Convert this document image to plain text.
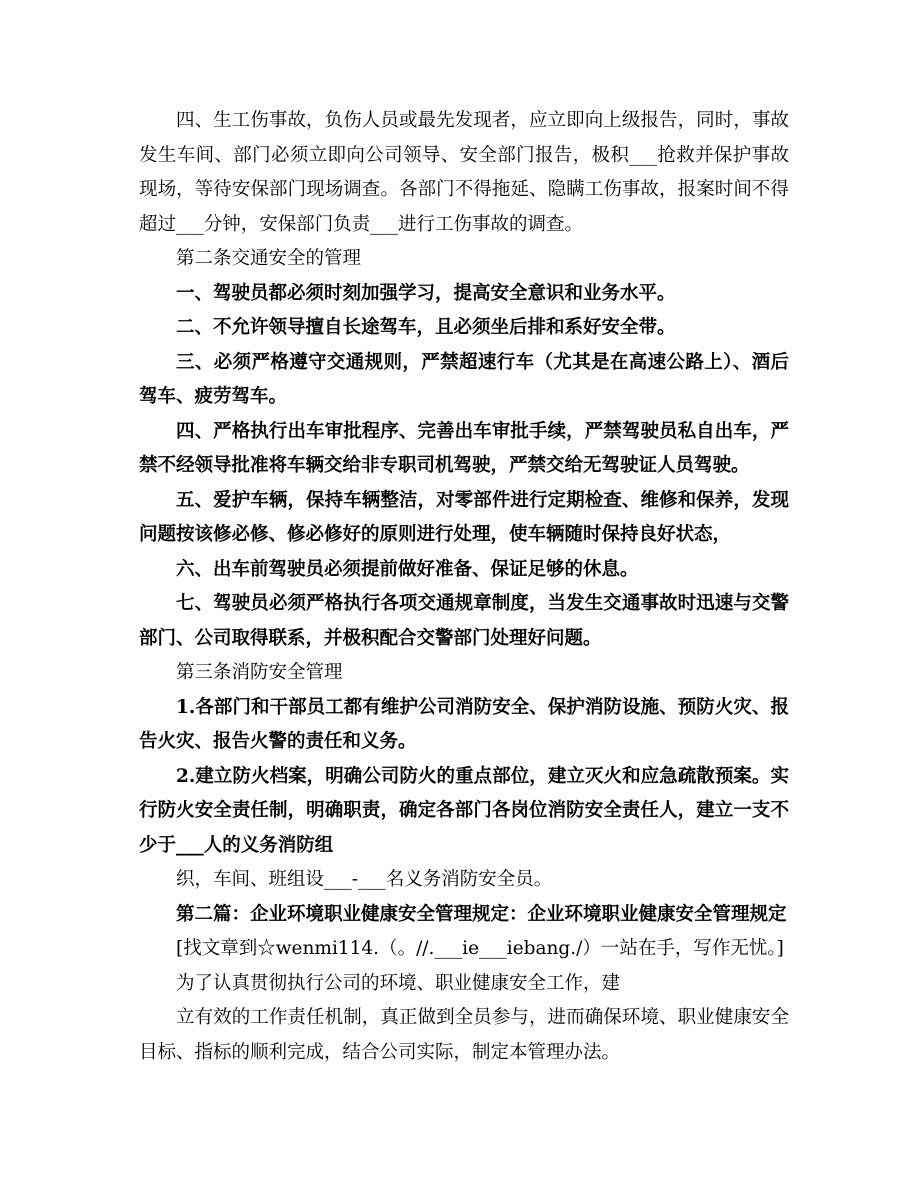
四、生工伤事故，负伤人员或最先发现者，应立即向上级报告，同时，事故发生车间、部门必须立即向公司领导、安全部门报告，极积___抢救并保护事故现场，等待安保部门现场调查。各部门不得拖延、隐瞒工伤事故，报案时间不得超过___分钟，安保部门负责___进行工伤事故的调查。

第二条交通安全的管理

一、驾驶员都必须时刻加强学习，提高安全意识和业务水平。

二、不允许领导擅自长途驾车，且必须坐后排和系好安全带。

三、必须严格遵守交通规则，严禁超速行车（尤其是在高速公路上）、酒后驾车、疲劳驾车。

四、严格执行出车审批程序、完善出车审批手续，严禁驾驶员私自出车，严禁不经领导批准将车辆交给非专职司机驾驶，严禁交给无驾驶证人员驾驶。

五、爱护车辆，保持车辆整洁，对零部件进行定期检查、维修和保养，发现问题按该修必修、修必修好的原则进行处理，使车辆随时保持良好状态，

六、出车前驾驶员必须提前做好准备、保证足够的休息。

七、驾驶员必须严格执行各项交通规章制度，当发生交通事故时迅速与交警部门、公司取得联系，并极积配合交警部门处理好问题。

第三条消防安全管理

1.各部门和干部员工都有维护公司消防安全、保护消防设施、预防火灾、报告火灾、报告火警的责任和义务。

2.建立防火档案，明确公司防火的重点部位，建立灭火和应急疏散预案。实行防火安全责任制，明确职责，确定各部门各岗位消防安全责任人，建立一支不少于___人的义务消防组

织，车间、班组设___-___名义务消防安全员。

第二篇：企业环境职业健康安全管理规定：企业环境职业健康安全管理规定

[找文章到☆wenmi114.（。//.___ie___iebang./）一站在手，写作无忧。]

为了认真贯彻执行公司的环境、职业健康安全工作，建

立有效的工作责任机制，真正做到全员参与，进而确保环境、职业健康安全目标、指标的顺利完成，结合公司实际，制定本管理办法。
